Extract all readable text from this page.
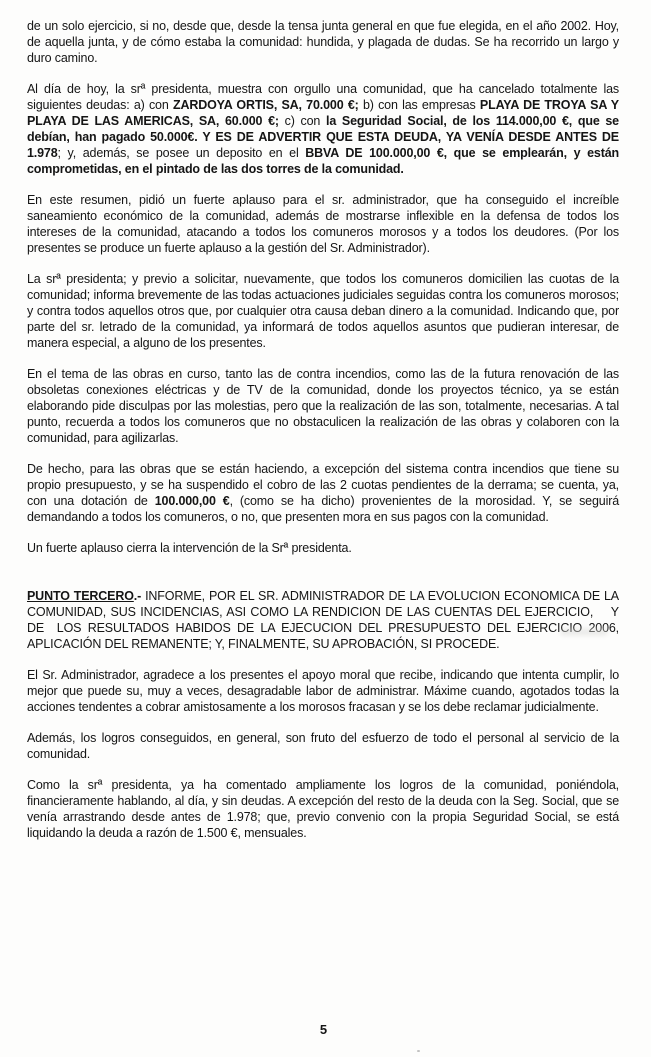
de un solo ejercicio, si no, desde que, desde la tensa junta general en que fue elegida, en el año 2002. Hoy, de aquella junta, y de cómo estaba la comunidad: hundida, y plagada de dudas. Se ha recorrido un largo y duro camino.

Al día de hoy, la srª presidenta, muestra con orgullo una comunidad, que ha cancelado totalmente las siguientes deudas: a) con ZARDOYA ORTIS, SA, 70.000 €; b) con las empresas PLAYA DE TROYA SA Y PLAYA DE LAS AMERICAS, SA, 60.000 €; c) con la Seguridad Social, de los 114.000,00 €, que se debían, han pagado 50.000€. Y ES DE ADVERTIR QUE ESTA DEUDA, YA VENÍA DESDE ANTES DE 1.978; y, además, se posee un deposito en el BBVA DE 100.000,00 €, que se emplearán, y están comprometidas, en el pintado de las dos torres de la comunidad.

En este resumen, pidió un fuerte aplauso para el sr. administrador, que ha conseguido el increíble saneamiento económico de la comunidad, además de mostrarse inflexible en la defensa de todos los    intereses de la comunidad, atacando a todos los comuneros morosos y a todos los deudores. (Por los presentes se produce un fuerte aplauso a la gestión del Sr. Administrador).

La srª presidenta; y previo a solicitar, nuevamente, que todos los comuneros domicilien las cuotas de la comunidad; informa brevemente de las todas actuaciones judiciales seguidas contra los comuneros morosos; y contra todos aquellos otros que, por cualquier otra causa deban dinero a la comunidad. Indicando que, por parte del sr. letrado de la comunidad, ya informará de todos aquellos asuntos que pudieran interesar, de manera especial, a alguno de los presentes.

En el tema de las obras en curso, tanto las de contra incendios, como las de la futura renovación de las obsoletas conexiones eléctricas y de TV de la comunidad, donde los proyectos técnico, ya se están elaborando pide disculpas por las molestias, pero que la realización de las son, totalmente, necesarias. A tal punto, recuerda a todos los comuneros que no obstaculicen la realización de las obras y colaboren con la comunidad, para agilizarlas.

De hecho, para las obras que se están haciendo, a excepción del sistema contra incendios que tiene su propio presupuesto, y se ha suspendido el cobro de las 2 cuotas pendientes de la derrama; se cuenta, ya, con una dotación de 100.000,00 €, (como se ha dicho) provenientes de la morosidad. Y, se seguirá demandando a todos los comuneros, o no, que presenten mora en sus pagos con la comunidad.

Un fuerte aplauso cierra la intervención de la Srª presidenta.

PUNTO TERCERO.- INFORME, POR EL SR. ADMINISTRADOR DE LA EVOLUCION ECONOMICA DE LA COMUNIDAD, SUS INCIDENCIAS, ASI COMO LA RENDICION DE LAS CUENTAS DEL EJERCICIO,    Y DE  LOS RESULTADOS HABIDOS DE LA EJECUCION DEL PRESUPUESTO DEL EJERCICIO 2006, APLICACIÓN DEL REMANENTE; Y, FINALMENTE, SU APROBACIÓN, SI PROCEDE.

El Sr. Administrador, agradece a los presentes el apoyo moral que recibe, indicando que intenta cumplir, lo mejor que puede su, muy a veces, desagradable labor de administrar. Máxime cuando, agotados todas la acciones tendentes a cobrar amistosamente a los morosos fracasan y se los debe reclamar judicialmente.

Además, los logros conseguidos, en general, son fruto del esfuerzo de todo el personal al servicio de la comunidad.

Como la srª presidenta, ya ha comentado ampliamente los logros de la comunidad, poniéndola, financieramente hablando, al día, y sin deudas. A excepción del resto de la deuda con la Seg. Social, que se venía arrastrando desde antes de 1.978; que, previo convenio con la propia Seguridad Social, se está liquidando la deuda a razón de 1.500 €, mensuales.

5
